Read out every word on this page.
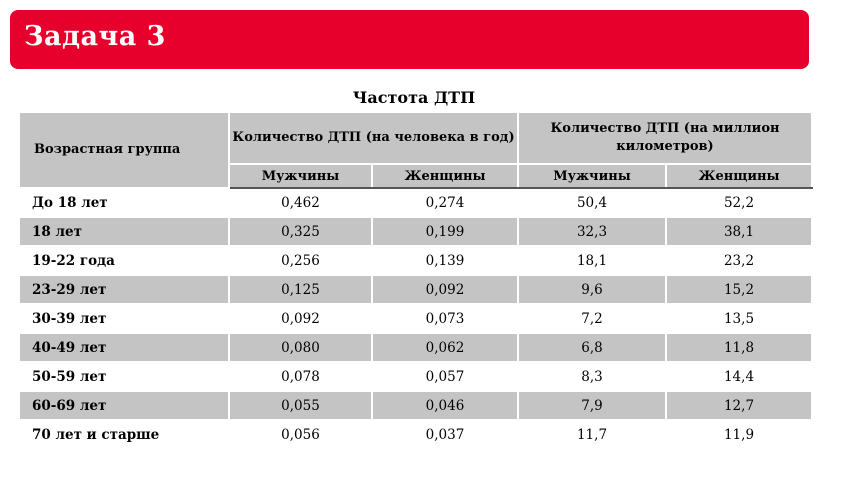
Задача 3
Частота ДТП
Возрастная группа	Количество ДТП (на человека в год)		Количество ДТП (на миллион километров)	
	Мужчины	Женщины	Мужчины	Женщины
До 18 лет	0,462	0,274	50,4	52,2
18 лет	0,325	0,199	32,3	38,1
19-22 года	0,256	0,139	18,1	23,2
23-29 лет	0,125	0,092	9,6	15,2
30-39 лет	0,092	0,073	7,2	13,5
40-49 лет	0,080	0,062	6,8	11,8
50-59 лет	0,078	0,057	8,3	14,4
60-69 лет	0,055	0,046	7,9	12,7
70 лет и старше	0,056	0,037	11,7	11,9
